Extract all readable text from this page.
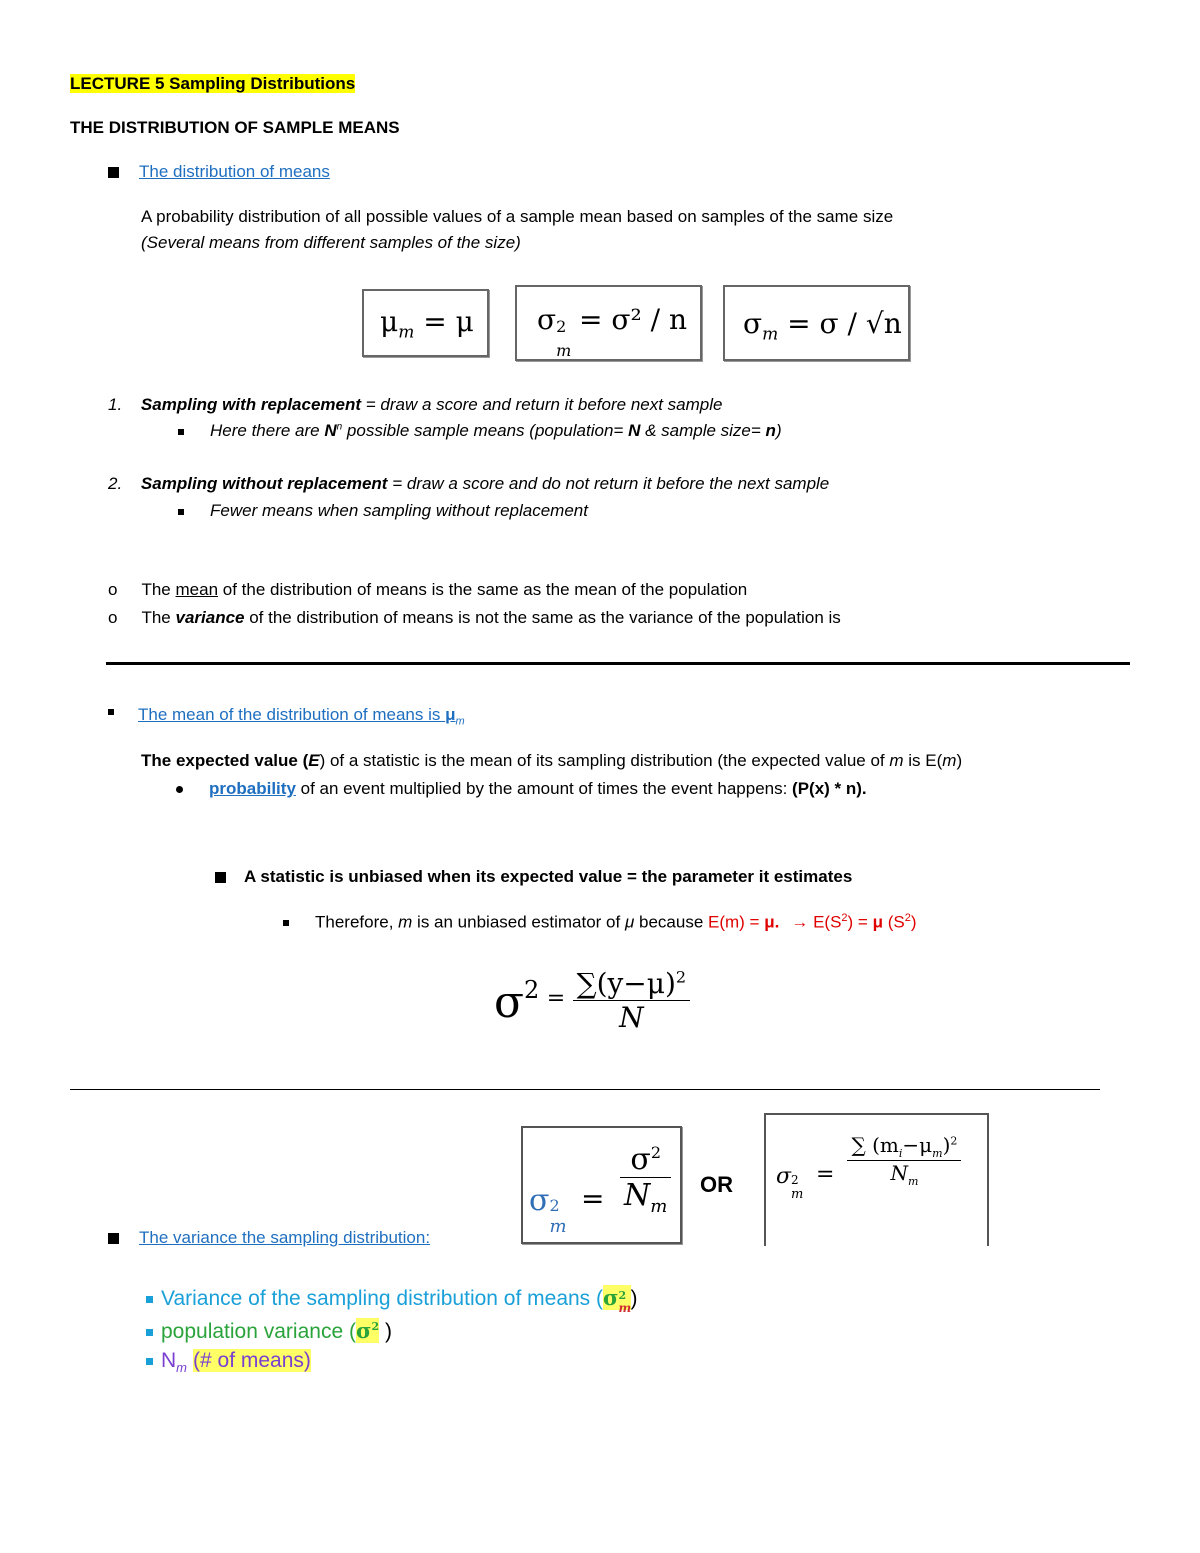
LECTURE 5 Sampling Distributions
THE DISTRIBUTION OF SAMPLE MEANS
The distribution of means
A probability distribution of all possible values of a sample mean based on samples of the same size
(Several means from different samples of the size)
$\mu_m = \mu$ σ 2
m
= σ² / n $\sigma_m = \sigma / √n$
1. Sampling with replacement = draw a score and return it before next sample
Here there are $N^n$ possible sample means (population= N & sample size= n)
2. Sampling without replacement = draw a score and do not return it before the next sample
Fewer means when sampling without replacement
o The mean of the distribution of means is the same as the mean of the population
o The variance of the distribution of means is not the same as the variance of the population is
The mean of the distribution of means is $\mu_m$
The expected value (E) of a statistic is the mean of its sampling distribution (the expected value of m is E(m)
probability of an event multiplied by the amount of times the event happens: (P(x) * n).
A statistic is unbiased when its expected value = the parameter it estimates
Therefore, m is an unbiased estimator of μ because E(m) = μ. → $E(S^2) = \mu$ $(S^2)$
$\sigma^2 = \frac{\sum(y-\mu)^2}{N}$
σ 2
m
= $\frac{\sigma^2}{N_m}$ OR σ 2
m
= $\frac{\sum (m_i-\mu_m)^2}{N_m}$
The variance the sampling distribution:
Variance of the sampling distribution of means (σ 2
m )
population variance ($\sigma^2$ )
$N_m$ (# of means)
